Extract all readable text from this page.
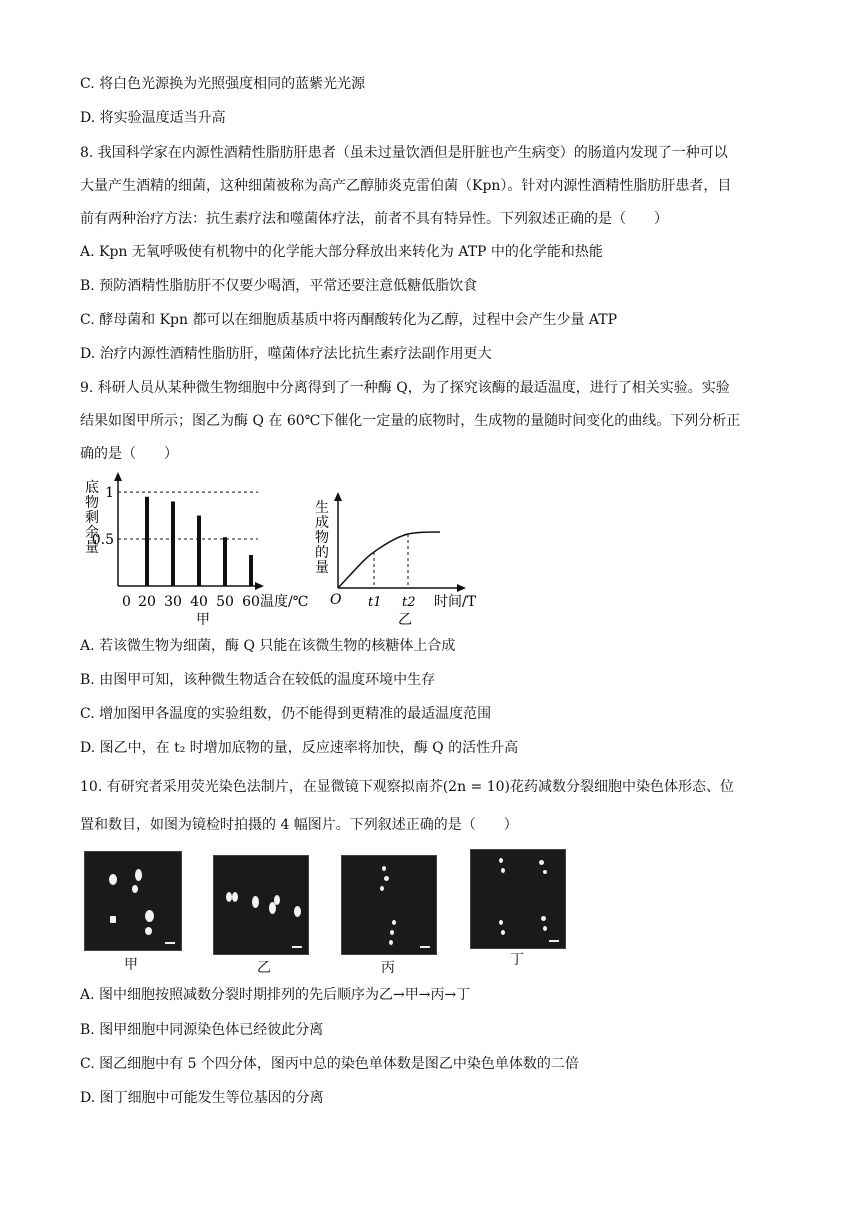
C. 将白色光源换为光照强度相同的蓝紫光光源
D. 将实验温度适当升高
8. 我国科学家在内源性酒精性脂肪肝患者（虽未过量饮酒但是肝脏也产生病变）的肠道内发现了一种可以
大量产生酒精的细菌，这种细菌被称为高产乙醇肺炎克雷伯菌（Kpn）。针对内源性酒精性脂肪肝患者，目
前有两种治疗方法：抗生素疗法和噬菌体疗法，前者不具有特异性。下列叙述正确的是（　　）
A. Kpn 无氧呼吸使有机物中的化学能大部分释放出来转化为 ATP 中的化学能和热能
B. 预防酒精性脂肪肝不仅要少喝酒，平常还要注意低糖低脂饮食
C. 酵母菌和 Kpn 都可以在细胞质基质中将丙酮酸转化为乙醇，过程中会产生少量 ATP
D. 治疗内源性酒精性脂肪肝，噬菌体疗法比抗生素疗法副作用更大
9. 科研人员从某种微生物细胞中分离得到了一种酶 Q，为了探究该酶的最适温度，进行了相关实验。实验
结果如图甲所示；图乙为酶 Q 在 60℃下催化一定量的底物时，生成物的量随时间变化的曲线。下列分析正
确的是（　　）
底
物
剩
余
量
0.5
1
20 30 40 50 60
0	温度/℃
甲
生
成
物
的
量
O t1 t2 时间/T
乙
A. 若该微生物为细菌，酶 Q 只能在该微生物的核糖体上合成
B. 由图甲可知，该种微生物适合在较低的温度环境中生存
C. 增加图甲各温度的实验组数，仍不能得到更精准的最适温度范围
D. 图乙中，在 t₂ 时增加底物的量，反应速率将加快，酶 Q 的活性升高
10. 有研究者采用荧光染色法制片，在显微镜下观察拟南芥(2n = 10)花药减数分裂细胞中染色体形态、位
置和数目，如图为镜检时拍摄的 4 幅图片。下列叙述正确的是（　　）
甲	乙	丙	丁
A. 图中细胞按照减数分裂时期排列的先后顺序为乙→甲→丙→丁
B. 图甲细胞中同源染色体已经彼此分离
C. 图乙细胞中有 5 个四分体，图丙中总的染色单体数是图乙中染色单体数的二倍
D. 图丁细胞中可能发生等位基因的分离
